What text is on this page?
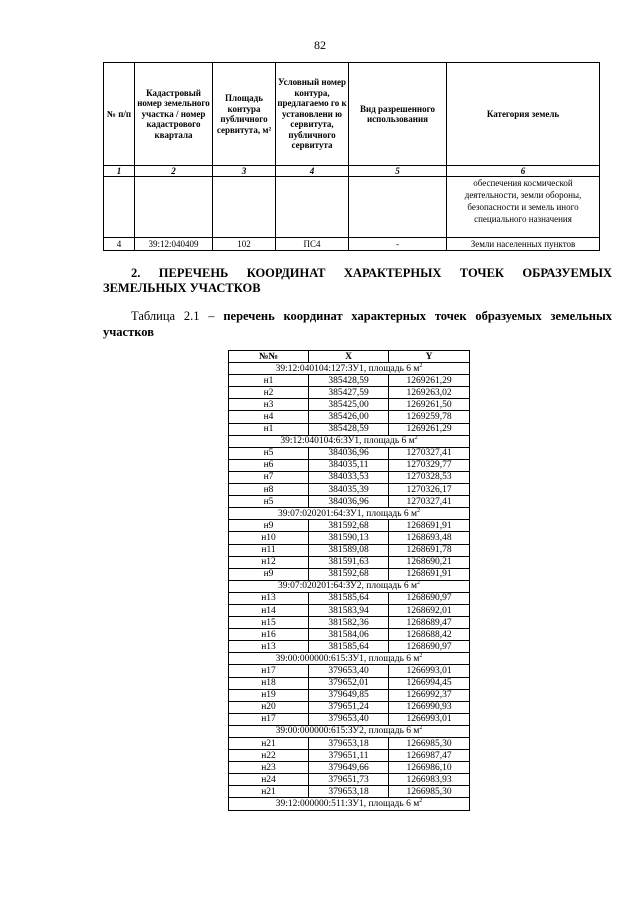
82
№ п/п	Кадастровый номер земельного участка / номер кадастрового квартала	Площадь контура публичного сервитута, м²	Условный номер контура, предлагаемо го к установлени ю сервитута, публичного сервитута	Вид разрешенного использования	Категория земель
1	2	3	4	5	6
					обеспечения космической деятельности, земли обороны, безопасности и земель иного специального назначения
4	39:12:040409	102	ПС4	-	Земли населенных пунктов
2. ПЕРЕЧЕНЬ КООРДИНАТ ХАРАКТЕРНЫХ ТОЧЕК ОБРАЗУЕМЫХ
ЗЕМЕЛЬНЫХ УЧАСТКОВ
Таблица 2.1 – перечень координат характерных точек образуемых земельных
участков
№№	X	Y
39:12:040104:127:ЗУ1, площадь 6 $м^2$
н1	385428,59	1269261,29
н2	385427,59	1269263,02
н3	385425,00	1269261,50
н4	385426,00	1269259,78
н1	385428,59	1269261,29
39:12:040104:6:ЗУ1, площадь 6 $м^2$
н5	384036,96	1270327,41
н6	384035,11	1270329,77
н7	384033,53	1270328,53
н8	384035,39	1270326,17
н5	384036,96	1270327,41
39:07:020201:64:ЗУ1, площадь 6 $м^2$
н9	381592,68	1268691,91
н10	381590,13	1268693,48
н11	381589,08	1268691,78
н12	381591,63	1268690,21
н9	381592,68	1268691,91
39:07:020201:64:ЗУ2, площадь 6 $м^2$
н13	381585,64	1268690,97
н14	381583,94	1268692,01
н15	381582,36	1268689,47
н16	381584,06	1268688,42
н13	381585,64	1268690,97
39:00:000000:615:ЗУ1, площадь 6 $м^2$
н17	379653,40	1266993,01
н18	379652,01	1266994,45
н19	379649,85	1266992,37
н20	379651,24	1266990,93
н17	379653,40	1266993,01
39:00:000000:615:ЗУ2, площадь 6 $м^2$
н21	379653,18	1266985,30
н22	379651,11	1266987,47
н23	379649,66	1266986,10
н24	379651,73	1266983,93
н21	379653,18	1266985,30
39:12:000000:511:ЗУ1, площадь 6 $м^2$
